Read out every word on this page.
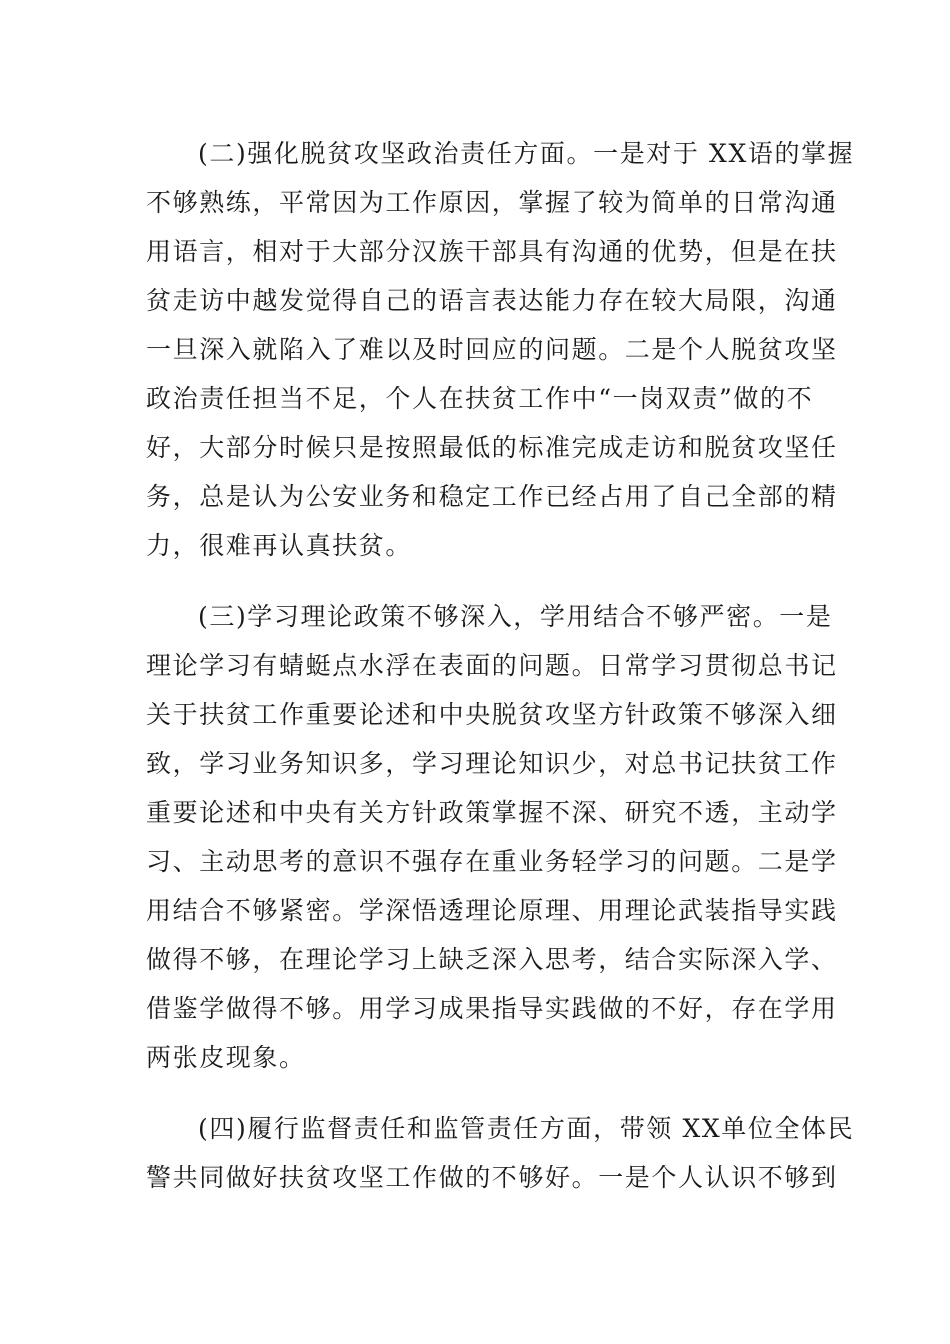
(二)强化脱贫攻坚政治责任方面。一是对于 XX语的掌握
不够熟练，平常因为工作原因，掌握了较为简单的日常沟通
用语言，相对于大部分汉族干部具有沟通的优势，但是在扶
贫走访中越发觉得自己的语言表达能力存在较大局限，沟通
一旦深入就陷入了难以及时回应的问题。二是个人脱贫攻坚
政治责任担当不足，个人在扶贫工作中“一岗双责”做的不
好，大部分时候只是按照最低的标准完成走访和脱贫攻坚任
务，总是认为公安业务和稳定工作已经占用了自己全部的精
力，很难再认真扶贫。

(三)学习理论政策不够深入，学用结合不够严密。一是
理论学习有蜻蜓点水浮在表面的问题。日常学习贯彻总书记
关于扶贫工作重要论述和中央脱贫攻坚方针政策不够深入细
致，学习业务知识多，学习理论知识少，对总书记扶贫工作
重要论述和中央有关方针政策掌握不深、研究不透，主动学
习、主动思考的意识不强存在重业务轻学习的问题。二是学
用结合不够紧密。学深悟透理论原理、用理论武装指导实践
做得不够，在理论学习上缺乏深入思考，结合实际深入学、
借鉴学做得不够。用学习成果指导实践做的不好，存在学用
两张皮现象。

(四)履行监督责任和监管责任方面，带领 XX单位全体民
警共同做好扶贫攻坚工作做的不够好。一是个人认识不够到
